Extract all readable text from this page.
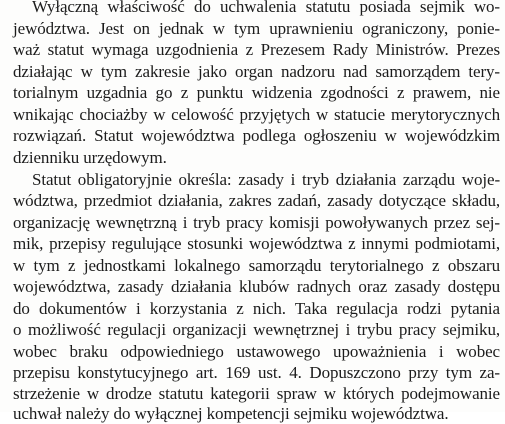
Wyłączną właściwość do uchwalenia statutu posiada sejmik wo-
jewództwa. Jest on jednak w tym uprawnieniu ograniczony, ponie-
waż statut wymaga uzgodnienia z Prezesem Rady Ministrów. Prezes
działając w tym zakresie jako organ nadzoru nad samorządem tery-
torialnym uzgadnia go z punktu widzenia zgodności z prawem, nie
wnikając chociażby w celowość przyjętych w statucie merytorycznych
rozwiązań. Statut województwa podlega ogłoszeniu w wojewódzkim
dzienniku urzędowym.
Statut obligatoryjnie określa: zasady i tryb działania zarządu woje-
wództwa, przedmiot działania, zakres zadań, zasady dotyczące składu,
organizację wewnętrzną i tryb pracy komisji powoływanych przez sej-
mik, przepisy regulujące stosunki województwa z innymi podmiotami,
w tym z jednostkami lokalnego samorządu terytorialnego z obszaru
województwa, zasady działania klubów radnych oraz zasady dostępu
do dokumentów i korzystania z nich. Taka regulacja rodzi pytania
o możliwość regulacji organizacji wewnętrznej i trybu pracy sejmiku,
wobec braku odpowiedniego ustawowego upoważnienia i wobec
przepisu konstytucyjnego art. 169 ust. 4. Dopuszczono przy tym za-
strzeżenie w drodze statutu kategorii spraw w których podejmowanie
uchwał należy do wyłącznej kompetencji sejmiku województwa.
